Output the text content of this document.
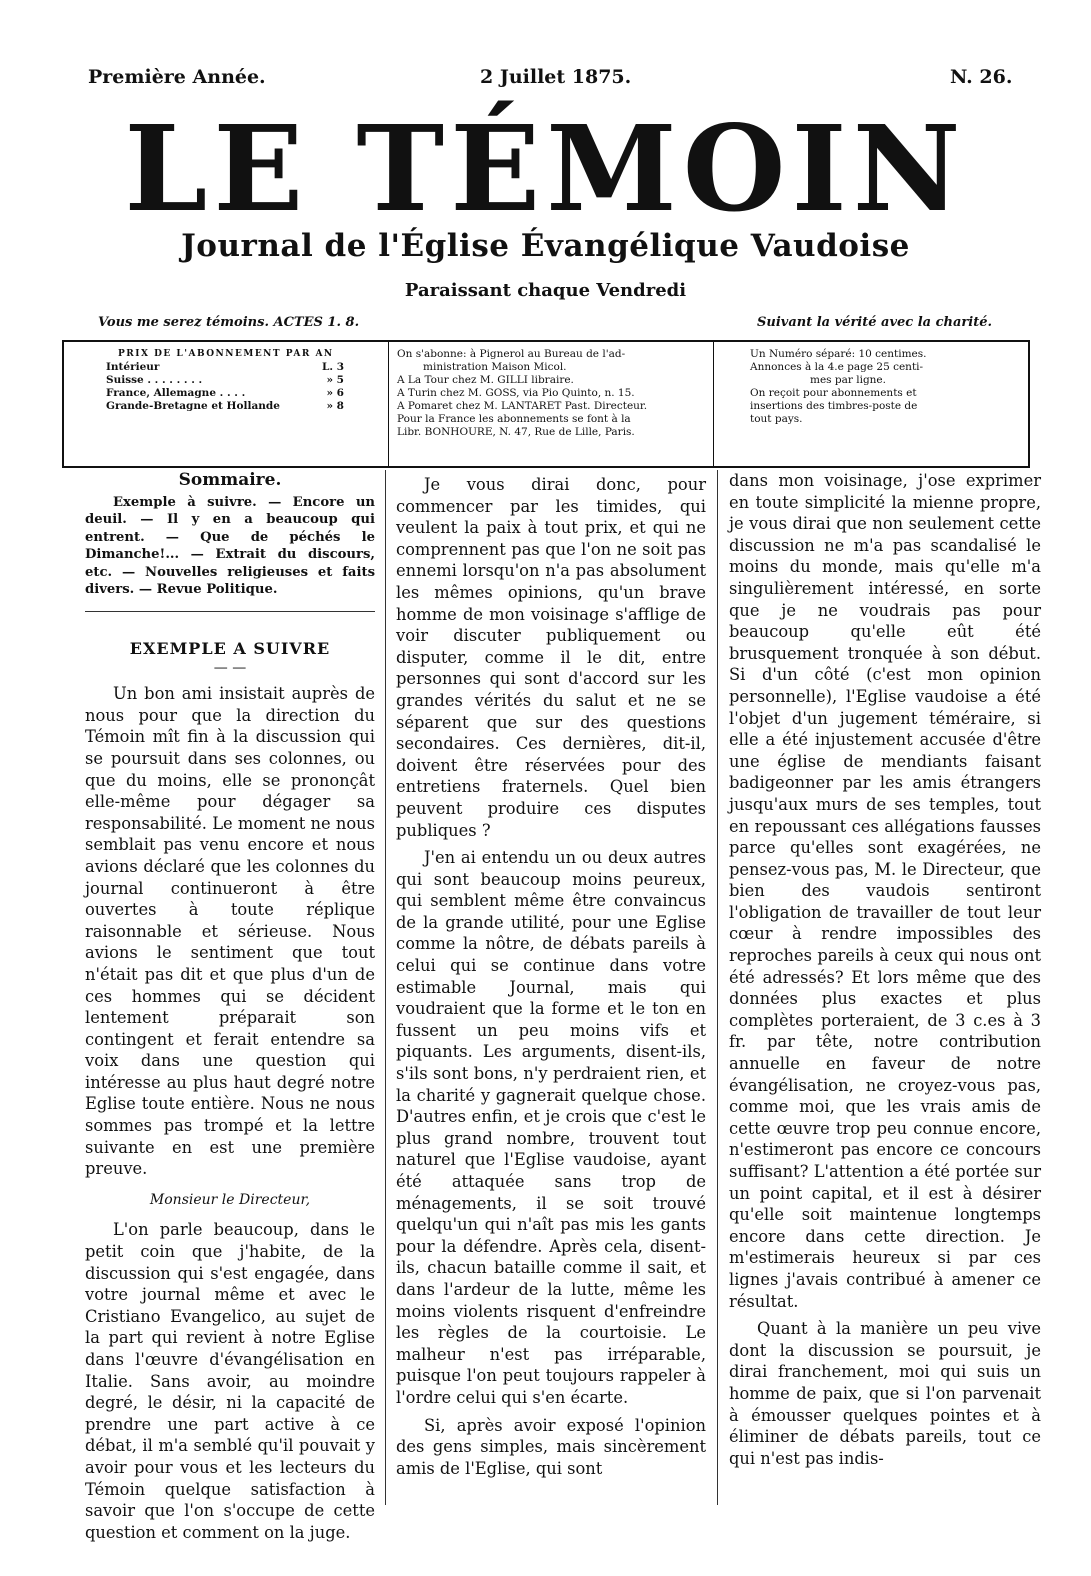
Première Année.	2 Juillet 1875.	N. 26.
LE TÉMOIN
Journal de l'Église Évangélique Vaudoise
Paraissant chaque Vendredi
Vous me serez témoins. ACTES 1. 8.	Suivant la vérité avec la charité.
PRIX DE L'ABONNEMENT PAR AN
Intérieur	L. 3
Suisse . . . . . . . .	» 5
France, Allemagne . . . .	» 6
Grande-Bretagne et Hollande	» 8
On s'abonne: à Pignerol au Bureau de l'ad-
ministration Maison Micol.
A La Tour chez M. GILLI libraire.
A Turin chez M. GOSS, via Pio Quinto, n. 15.
A Pomaret chez M. LANTARET Past. Directeur.
Pour la France les abonnements se font à la
Libr. BONHOURE, N. 47, Rue de Lille, Paris.
Un Numéro séparé: 10 centimes.
Annonces à la 4.e page 25 centi-
mes par ligne.
On reçoit pour abonnements et
insertions des timbres-poste de
tout pays.
Sommaire.

Exemple à suivre. — Encore un deuil. — Il y en a beaucoup qui entrent. — Que de péchés le Dimanche!... — Extrait du discours, etc. — Nouvelles religieuses et faits divers. — Revue Politique.

EXEMPLE A SUIVRE
— —

Un bon ami insistait auprès de nous pour que la direction du Témoin mît fin à la discussion qui se poursuit dans ses colonnes, ou que du moins, elle se prononçât elle-même pour dégager sa responsabilité. Le moment ne nous semblait pas venu encore et nous avions déclaré que les colonnes du journal continueront à être ouvertes à toute réplique raisonnable et sérieuse. Nous avions le sentiment que tout n'était pas dit et que plus d'un de ces hommes qui se décident lentement préparait son contingent et ferait entendre sa voix dans une question qui intéresse au plus haut degré notre Eglise toute entière. Nous ne nous sommes pas trompé et la lettre suivante en est une première preuve.

Monsieur le Directeur,

L'on parle beaucoup, dans le petit coin que j'habite, de la discussion qui s'est engagée, dans votre journal même et avec le Cristiano Evangelico, au sujet de la part qui revient à notre Eglise dans l'œuvre d'évangélisation en Italie. Sans avoir, au moindre degré, le désir, ni la capacité de prendre une part active à ce débat, il m'a semblé qu'il pouvait y avoir pour vous et les lecteurs du Témoin quelque satisfaction à savoir que l'on s'occupe de cette question et comment on la juge.

Je vous dirai donc, pour commencer par les timides, qui veulent la paix à tout prix, et qui ne comprennent pas que l'on ne soit pas ennemi lorsqu'on n'a pas absolument les mêmes opinions, qu'un brave homme de mon voisinage s'afflige de voir discuter publiquement ou disputer, comme il le dit, entre personnes qui sont d'accord sur les grandes vérités du salut et ne se séparent que sur des questions secondaires. Ces dernières, dit-il, doivent être réservées pour des entretiens fraternels. Quel bien peuvent produire ces disputes publiques ?

J'en ai entendu un ou deux autres qui sont beaucoup moins peureux, qui semblent même être convaincus de la grande utilité, pour une Eglise comme la nôtre, de débats pareils à celui qui se continue dans votre estimable Journal, mais qui voudraient que la forme et le ton en fussent un peu moins vifs et piquants. Les arguments, disent-ils, s'ils sont bons, n'y perdraient rien, et la charité y gagnerait quelque chose. D'autres enfin, et je crois que c'est le plus grand nombre, trouvent tout naturel que l'Eglise vaudoise, ayant été attaquée sans trop de ménagements, il se soit trouvé quelqu'un qui n'aît pas mis les gants pour la défendre. Après cela, disent-ils, chacun bataille comme il sait, et dans l'ardeur de la lutte, même les moins violents risquent d'enfreindre les règles de la courtoisie. Le malheur n'est pas irréparable, puisque l'on peut toujours rappeler à l'ordre celui qui s'en écarte.

Si, après avoir exposé l'opinion des gens simples, mais sincèrement amis de l'Eglise, qui sont

dans mon voisinage, j'ose exprimer en toute simplicité la mienne propre, je vous dirai que non seulement cette discussion ne m'a pas scandalisé le moins du monde, mais qu'elle m'a singulièrement intéressé, en sorte que je ne voudrais pas pour beaucoup qu'elle eût été brusquement tronquée à son début. Si d'un côté (c'est mon opinion personnelle), l'Eglise vaudoise a été l'objet d'un jugement téméraire, si elle a été injustement accusée d'être une église de mendiants faisant badigeonner par les amis étrangers jusqu'aux murs de ses temples, tout en repoussant ces allégations fausses parce qu'elles sont exagérées, ne pensez-vous pas, M. le Directeur, que bien des vaudois sentiront l'obligation de travailler de tout leur cœur à rendre impossibles des reproches pareils à ceux qui nous ont été adressés? Et lors même que des données plus exactes et plus complètes porteraient, de 3 c.es à 3 fr. par tête, notre contribution annuelle en faveur de notre évangélisation, ne croyez-vous pas, comme moi, que les vrais amis de cette œuvre trop peu connue encore, n'estimeront pas encore ce concours suffisant? L'attention a été portée sur un point capital, et il est à désirer qu'elle soit maintenue longtemps encore dans cette direction. Je m'estimerais heureux si par ces lignes j'avais contribué à amener ce résultat.

Quant à la manière un peu vive dont la discussion se poursuit, je dirai franchement, moi qui suis un homme de paix, que si l'on parvenait à émousser quelques pointes et à éliminer de débats pareils, tout ce qui n'est pas indis-
